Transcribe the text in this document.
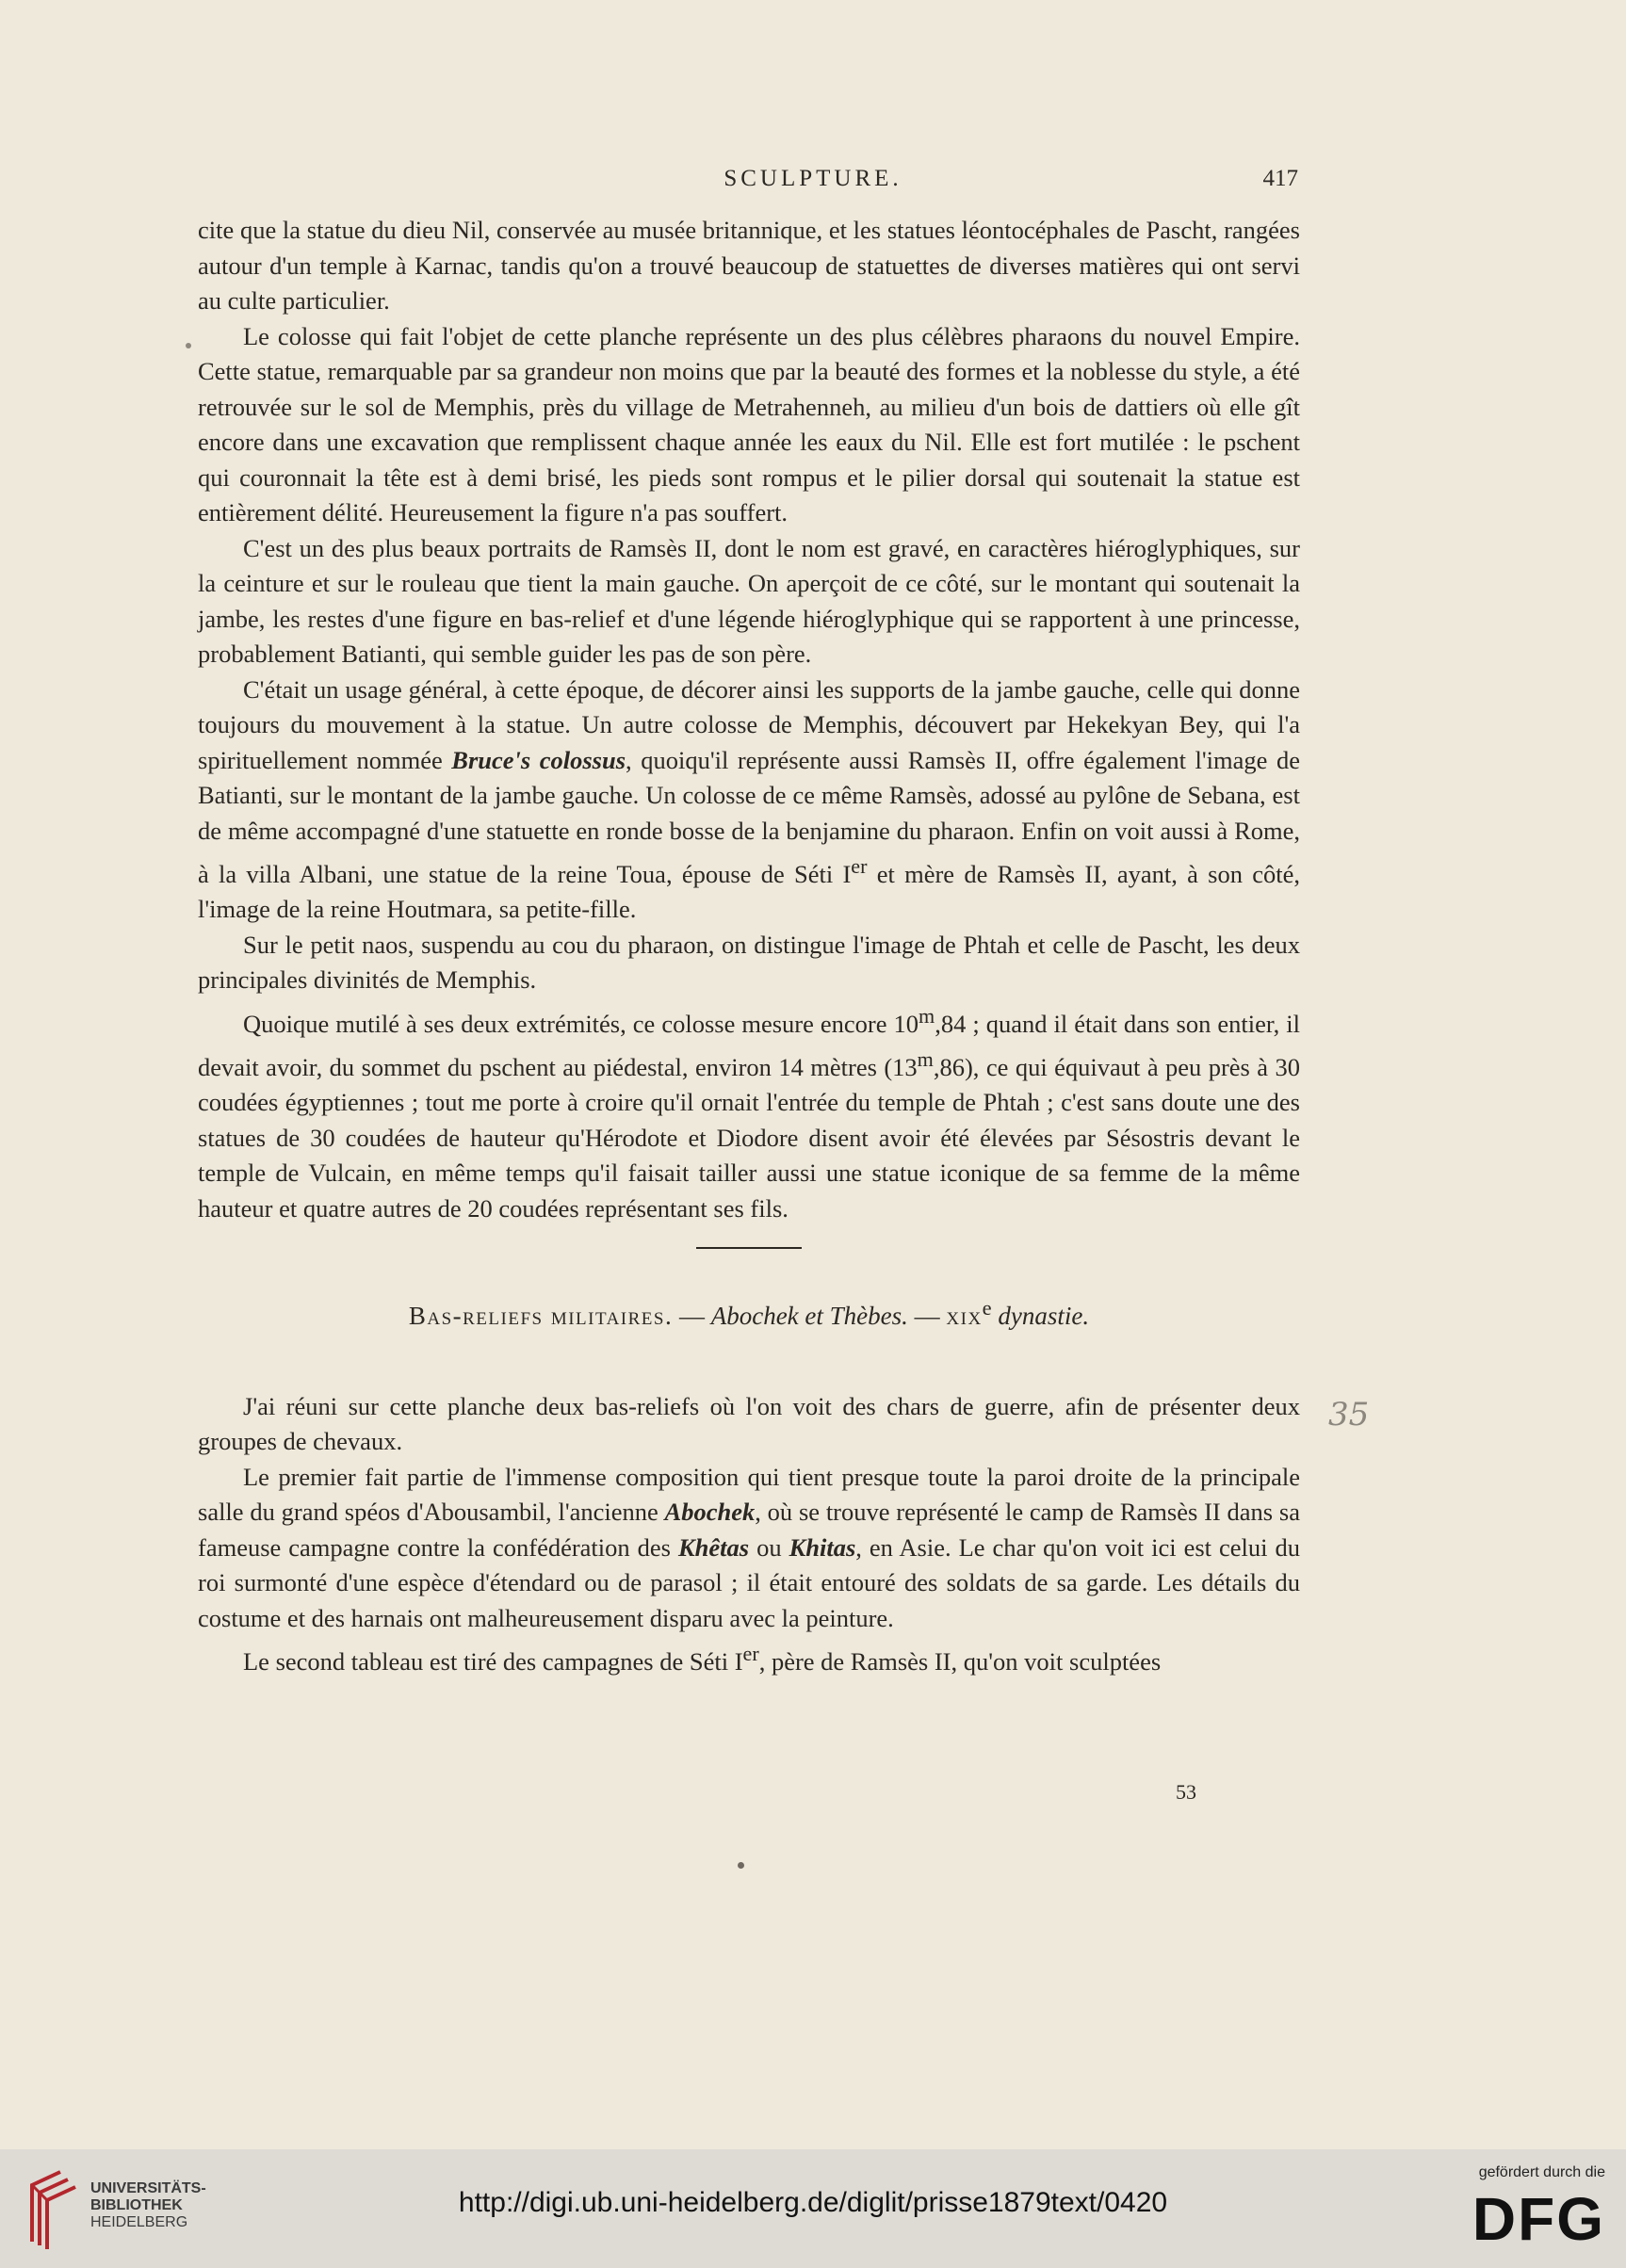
SCULPTURE.	417

cite que la statue du dieu Nil, conservée au musée britannique, et les statues léontocéphales de Pascht, rangées autour d'un temple à Karnac, tandis qu'on a trouvé beaucoup de statuettes de diverses matières qui ont servi au culte particulier.

Le colosse qui fait l'objet de cette planche représente un des plus célèbres pharaons du nouvel Empire. Cette statue, remarquable par sa grandeur non moins que par la beauté des formes et la noblesse du style, a été retrouvée sur le sol de Memphis, près du village de Metrahenneh, au milieu d'un bois de dattiers où elle gît encore dans une excavation que remplissent chaque année les eaux du Nil. Elle est fort mutilée : le pschent qui couronnait la tête est à demi brisé, les pieds sont rompus et le pilier dorsal qui soutenait la statue est entièrement délité. Heureusement la figure n'a pas souffert.

C'est un des plus beaux portraits de Ramsès II, dont le nom est gravé, en caractères hiéroglyphiques, sur la ceinture et sur le rouleau que tient la main gauche. On aperçoit de ce côté, sur le montant qui soutenait la jambe, les restes d'une figure en bas-relief et d'une légende hiéroglyphique qui se rapportent à une princesse, probablement Batianti, qui semble guider les pas de son père.

C'était un usage général, à cette époque, de décorer ainsi les supports de la jambe gauche, celle qui donne toujours du mouvement à la statue. Un autre colosse de Memphis, découvert par Hekekyan Bey, qui l'a spirituellement nommée Bruce's colossus, quoiqu'il représente aussi Ramsès II, offre également l'image de Batianti, sur le montant de la jambe gauche. Un colosse de ce même Ramsès, adossé au pylône de Sebana, est de même accompagné d'une statuette en ronde bosse de la benjamine du pharaon. Enfin on voit aussi à Rome, à la villa Albani, une statue de la reine Toua, épouse de Séti Ier et mère de Ramsès II, ayant, à son côté, l'image de la reine Houtmara, sa petite-fille.

Sur le petit naos, suspendu au cou du pharaon, on distingue l'image de Phtah et celle de Pascht, les deux principales divinités de Memphis.

Quoique mutilé à ses deux extrémités, ce colosse mesure encore 10$^m$,84 ; quand il était dans son entier, il devait avoir, du sommet du pschent au piédestal, environ 14 mètres (13$^m$,86), ce qui équivaut à peu près à 30 coudées égyptiennes ; tout me porte à croire qu'il ornait l'entrée du temple de Phtah ; c'est sans doute une des statues de 30 coudées de hauteur qu'Hérodote et Diodore disent avoir été élevées par Sésostris devant le temple de Vulcain, en même temps qu'il faisait tailler aussi une statue iconique de sa femme de la même hauteur et quatre autres de 20 coudées représentant ses fils.

Bas-reliefs militaires. — Abochek et Thèbes. — xix$^e$ dynastie.

J'ai réuni sur cette planche deux bas-reliefs où l'on voit des chars de guerre, afin de présenter deux groupes de chevaux.

Le premier fait partie de l'immense composition qui tient presque toute la paroi droite de la principale salle du grand spéos d'Abousambil, l'ancienne Abochek, où se trouve représenté le camp de Ramsès II dans sa fameuse campagne contre la confédération des Khêtas ou Khitas, en Asie. Le char qu'on voit ici est celui du roi surmonté d'une espèce d'étendard ou de parasol ; il était entouré des soldats de sa garde. Les détails du costume et des harnais ont malheureusement disparu avec la peinture.

Le second tableau est tiré des campagnes de Séti Ier, père de Ramsès II, qu'on voit sculptées

35
53
UNIVERSITÄTS-
BIBLIOTHEK
HEIDELBERG
http://digi.ub.uni-heidelberg.de/diglit/prisse1879text/0420
gefördert durch die
DFG
